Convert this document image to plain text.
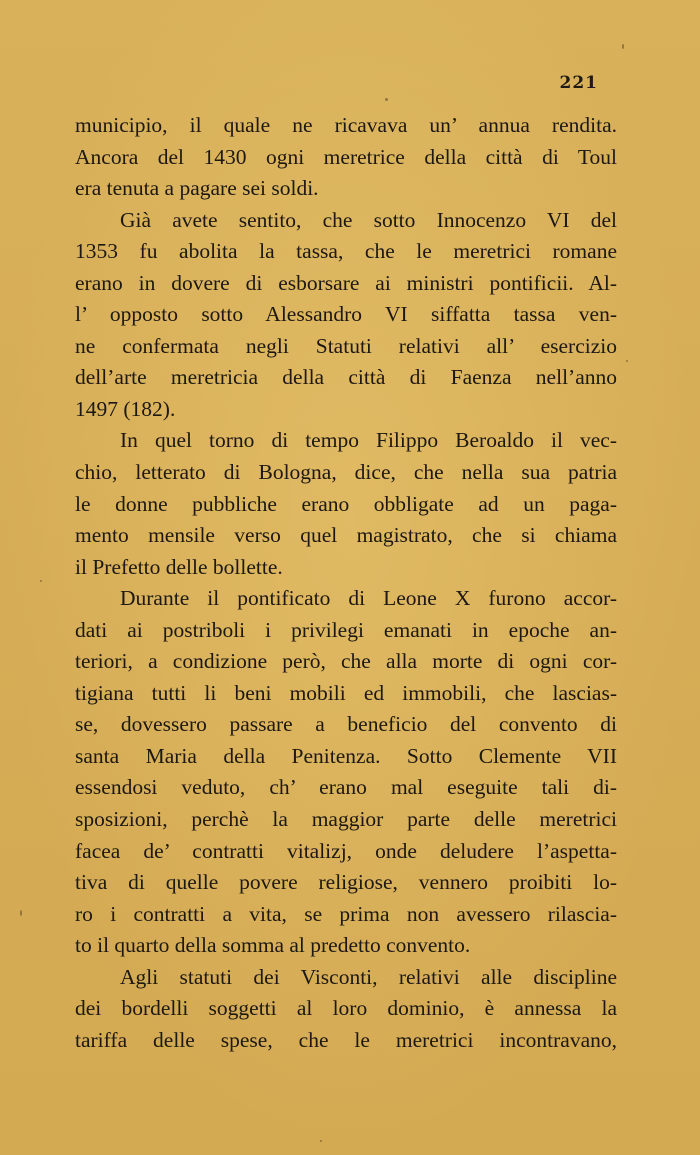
221
municipio, il quale ne ricavava un’ annua rendita.
Ancora del 1430 ogni meretrice della città di Toul
era tenuta a pagare sei soldi.
Già avete sentito, che sotto Innocenzo VI del
1353 fu abolita la tassa, che le meretrici romane
erano in dovere di esborsare ai ministri pontificii. Al-
l’ opposto sotto Alessandro VI siffatta tassa ven-
ne confermata negli Statuti relativi all’ esercizio
dell’arte meretricia della città di Faenza nell’anno
1497 (182).
In quel torno di tempo Filippo Beroaldo il vec-
chio, letterato di Bologna, dice, che nella sua patria
le donne pubbliche erano obbligate ad un paga-
mento mensile verso quel magistrato, che si chiama
il Prefetto delle bollette.
Durante il pontificato di Leone X furono accor-
dati ai postriboli i privilegi emanati in epoche an-
teriori, a condizione però, che alla morte di ogni cor-
tigiana tutti li beni mobili ed immobili, che lascias-
se, dovessero passare a beneficio del convento di
santa Maria della Penitenza. Sotto Clemente VII
essendosi veduto, ch’ erano mal eseguite tali di-
sposizioni, perchè la maggior parte delle meretrici
facea de’ contratti vitalizj, onde deludere l’aspetta-
tiva di quelle povere religiose, vennero proibiti lo-
ro i contratti a vita, se prima non avessero rilascia-
to il quarto della somma al predetto convento.
Agli statuti dei Visconti, relativi alle discipline
dei bordelli soggetti al loro dominio, è annessa la
tariffa delle spese, che le meretrici incontravano,
